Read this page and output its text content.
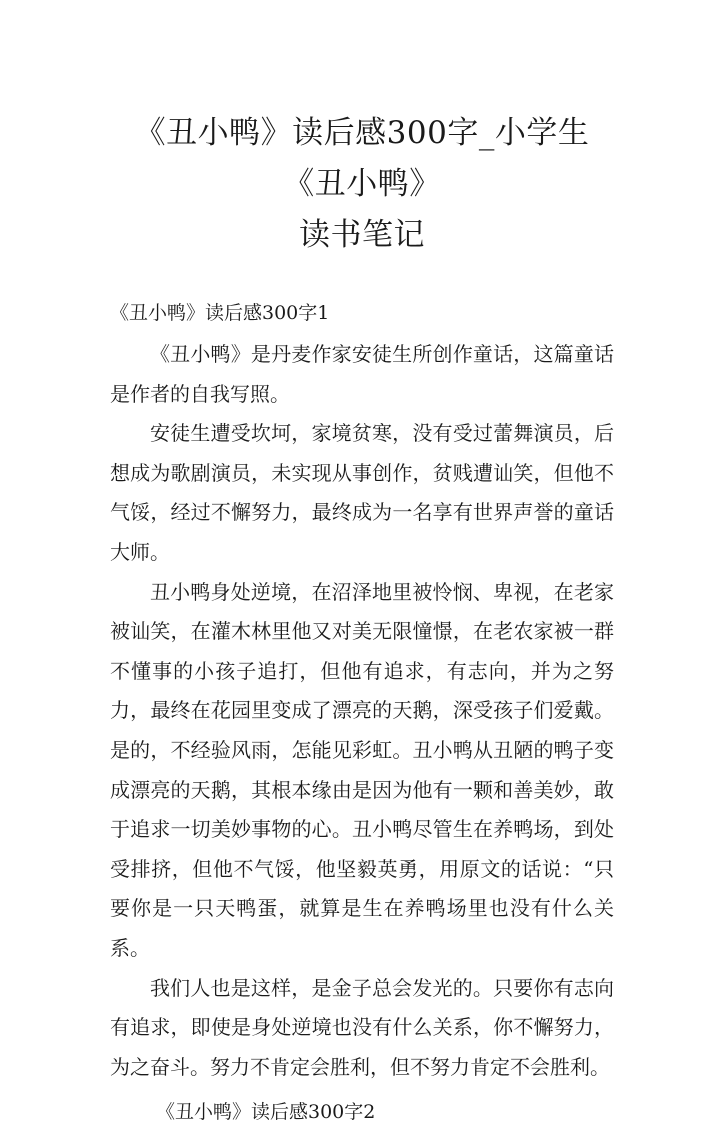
《丑小鸭》读后感300字_小学生《丑小鸭》
读书笔记

《丑小鸭》读后感300字1

《丑小鸭》是丹麦作家安徒生所创作童话，这篇童话是作者的自我写照。

安徒生遭受坎坷，家境贫寒，没有受过蕾舞演员，后想成为歌剧演员，未实现从事创作，贫贱遭讪笑，但他不气馁，经过不懈努力，最终成为一名享有世界声誉的童话大师。

丑小鸭身处逆境，在沼泽地里被怜悯、卑视，在老家被讪笑，在灌木林里他又对美无限憧憬，在老农家被一群不懂事的小孩子追打，但他有追求，有志向，并为之努力，最终在花园里变成了漂亮的天鹅，深受孩子们爱戴。是的，不经验风雨，怎能见彩虹。丑小鸭从丑陋的鸭子变成漂亮的天鹅，其根本缘由是因为他有一颗和善美妙，敢于追求一切美妙事物的心。丑小鸭尽管生在养鸭场，到处受排挤，但他不气馁，他坚毅英勇，用原文的话说：“只要你是一只天鸭蛋，就算是生在养鸭场里也没有什么关系。

我们人也是这样，是金子总会发光的。只要你有志向有追求，即使是身处逆境也没有什么关系，你不懈努力，为之奋斗。努力不肯定会胜利，但不努力肯定不会胜利。

《丑小鸭》读后感300字2
